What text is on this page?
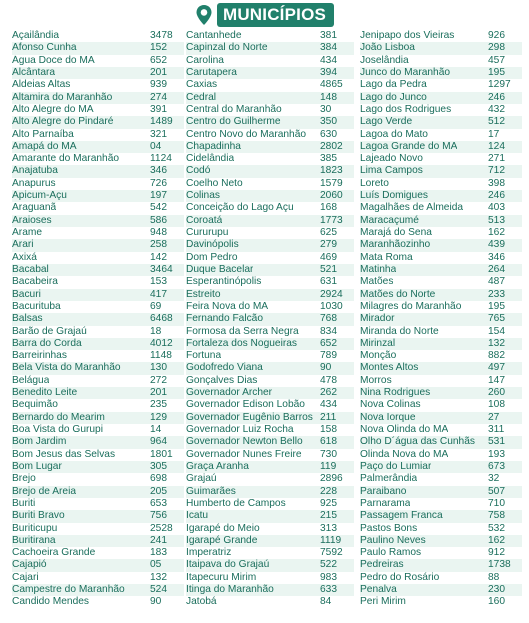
MUNICÍPIOS
Açailândia	3478
Afonso Cunha	152
Água Doce do MA	652
Alcântara	201
Aldeias Altas	939
Altamira do Maranhão	274
Alto Alegre do MA	391
Alto Alegre do Pindaré	1489
Alto Parnaíba	321
Amapá do MA	04
Amarante do Maranhão	1124
Anajatuba	346
Anapurus	726
Apicum-Açu	197
Araguanã	542
Araioses	586
Arame	948
Arari	258
Axixá	142
Bacabal	3464
Bacabeira	153
Bacuri	417
Bacurituba	69
Balsas	6468
Barão de Grajaú	18
Barra do Corda	4012
Barreirinhas	1148
Bela Vista do Maranhão	130
Belágua	272
Benedito Leite	201
Bequimão	235
Bernardo do Mearim	129
Boa Vista do Gurupi	14
Bom Jardim	964
Bom Jesus das Selvas	1801
Bom Lugar	305
Brejo	698
Brejo de Areia	205
Buriti	653
Buriti Bravo	756
Buriticupu	2528
Buritirana	241
Cachoeira Grande	183
Cajapió	05
Cajari	132
Campestre do Maranhão 524
Candido Mendes	90
Cantanhede	381
Capinzal do Norte	384
Carolina	434
Carutapera	394
Caxias	4865
Cedral	148
Central do Maranhão	30
Centro do Guilherme	350
Centro Novo do Maranhão 630
Chapadinha	2802
Cidelândia	385
Codó	1823
Coelho Neto	1579
Colinas	2060
Conceição do Lago Açu	168
Coroatá	1773
Cururupu	625
Davinópolis	279
Dom Pedro	469
Duque Bacelar	521
Esperantinópolis	631
Estreito	2924
Feira Nova do MA	1030
Fernando Falcão	768
Formosa da Serra Negra 834
Fortaleza dos Nogueiras 652
Fortuna	789
Godofredo Viana	90
Gonçalves Dias	478
Governador Archer	262
Governador Edison Lobão 434
Governador Eugênio Barros 211
Governador Luiz Rocha	158
Governador Newton Bello 618
Governador Nunes Freire 730
Graça Aranha	119
Grajaú	2896
Guimarães	228
Humberto de Campos	925
Icatu	215
Igarapé do Meio	313
Igarapé Grande	1119
Imperatriz	7592
Itaipava do Grajaú	522
Itapecuru Mirim	983
Itinga do Maranhão	633
Jatobá	84
Jenipapo dos Vieiras	926
João Lisboa	298
Joselândia	457
Junco do Maranhão	195
Lago da Pedra	1297
Lago do Junco	246
Lago dos Rodrigues	432
Lago Verde	512
Lagoa do Mato	17
Lagoa Grande do MA	124
Lajeado Novo	271
Lima Campos	712
Loreto	398
Luís Domigues	246
Magalhães de Almeida 403
Maracaçumé	513
Marajá do Sena	162
Maranhãozinho	439
Mata Roma	346
Matinha	264
Matões	487
Matões do Norte	233
Milagres do Maranhão	195
Mirador	765
Miranda do Norte	154
Mirinzal	132
Monção	882
Montes Altos	497
Morros	147
Nina Rodrigues	260
Nova Colinas	108
Nova Iorque	27
Nova Olinda do MA	311
Olho D´água das Cunhãs 531
Olinda Nova do MA	193
Paço do Lumiar	673
Palmerândia	32
Paraibano	507
Parnarama	710
Passagem Franca	758
Pastos Bons	532
Paulino Neves	162
Paulo Ramos	912
Pedreiras	1738
Pedro do Rosário	88
Penalva	230
Peri Mirim	160
